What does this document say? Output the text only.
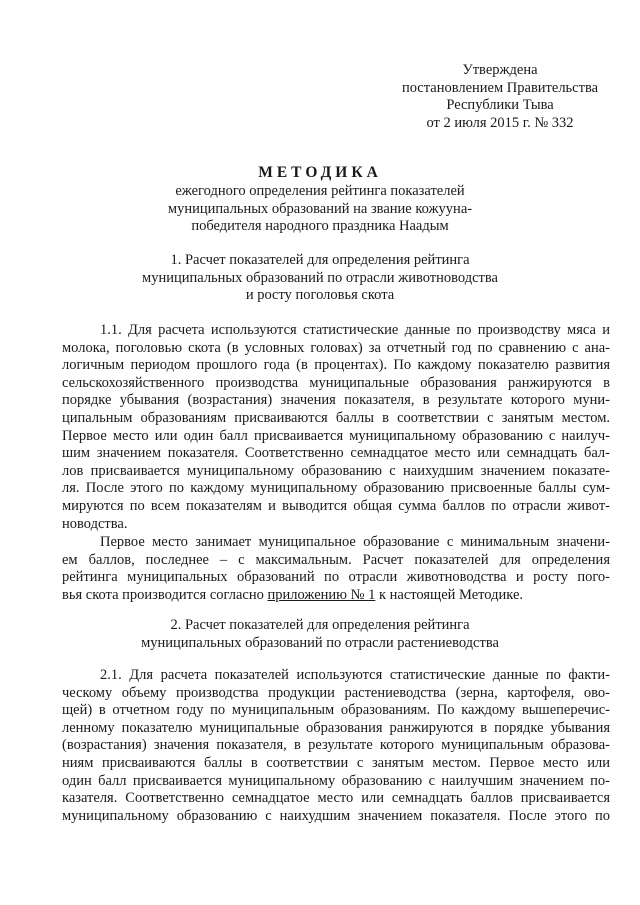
Утверждена
постановлением Правительства
Республики Тыва
от 2 июля 2015 г. № 332
МЕТОДИКА
ежегодного определения рейтинга показателей
муниципальных образований на звание кожууна-
победителя народного праздника Наадым
1. Расчет показателей для определения рейтинга
муниципальных образований по отрасли животноводства
и росту поголовья скота
1.1. Для расчета используются статистические данные по производству мяса и
молока, поголовью скота (в условных головах) за отчетный год по сравнению с ана-
логичным периодом прошлого года (в процентах). По каждому показателю развития
сельскохозяйственного производства муниципальные образования ранжируются в
порядке убывания (возрастания) значения показателя, в результате которого муни-
ципальным образованиям присваиваются баллы в соответствии с занятым местом.
Первое место или один балл присваивается муниципальному образованию с наилуч-
шим значением показателя. Соответственно семнадцатое место или семнадцать бал-
лов присваивается муниципальному образованию с наихудшим значением показате-
ля. После этого по каждому муниципальному образованию присвоенные баллы сум-
мируются по всем показателям и выводится общая сумма баллов по отрасли живот-
новодства.
Первое место занимает муниципальное образование с минимальным значени-
ем баллов, последнее – с максимальным. Расчет показателей для определения
рейтинга муниципальных образований по отрасли животноводства и росту пого-
вья скота производится согласно приложению № 1 к настоящей Методике.
2. Расчет показателей для определения рейтинга
муниципальных образований по отрасли растениеводства
2.1. Для расчета показателей используются статистические данные по факти-
ческому объему производства продукции растениеводства (зерна, картофеля, ово-
щей) в отчетном году по муниципальным образованиям. По каждому вышеперечис-
ленному показателю муниципальные образования ранжируются в порядке убывания
(возрастания) значения показателя, в результате которого муниципальным образова-
ниям присваиваются баллы в соответствии с занятым местом. Первое место или
один балл присваивается муниципальному образованию с наилучшим значением по-
казателя. Соответственно семнадцатое место или семнадцать баллов присваивается
муниципальному образованию с наихудшим значением показателя. После этого по
